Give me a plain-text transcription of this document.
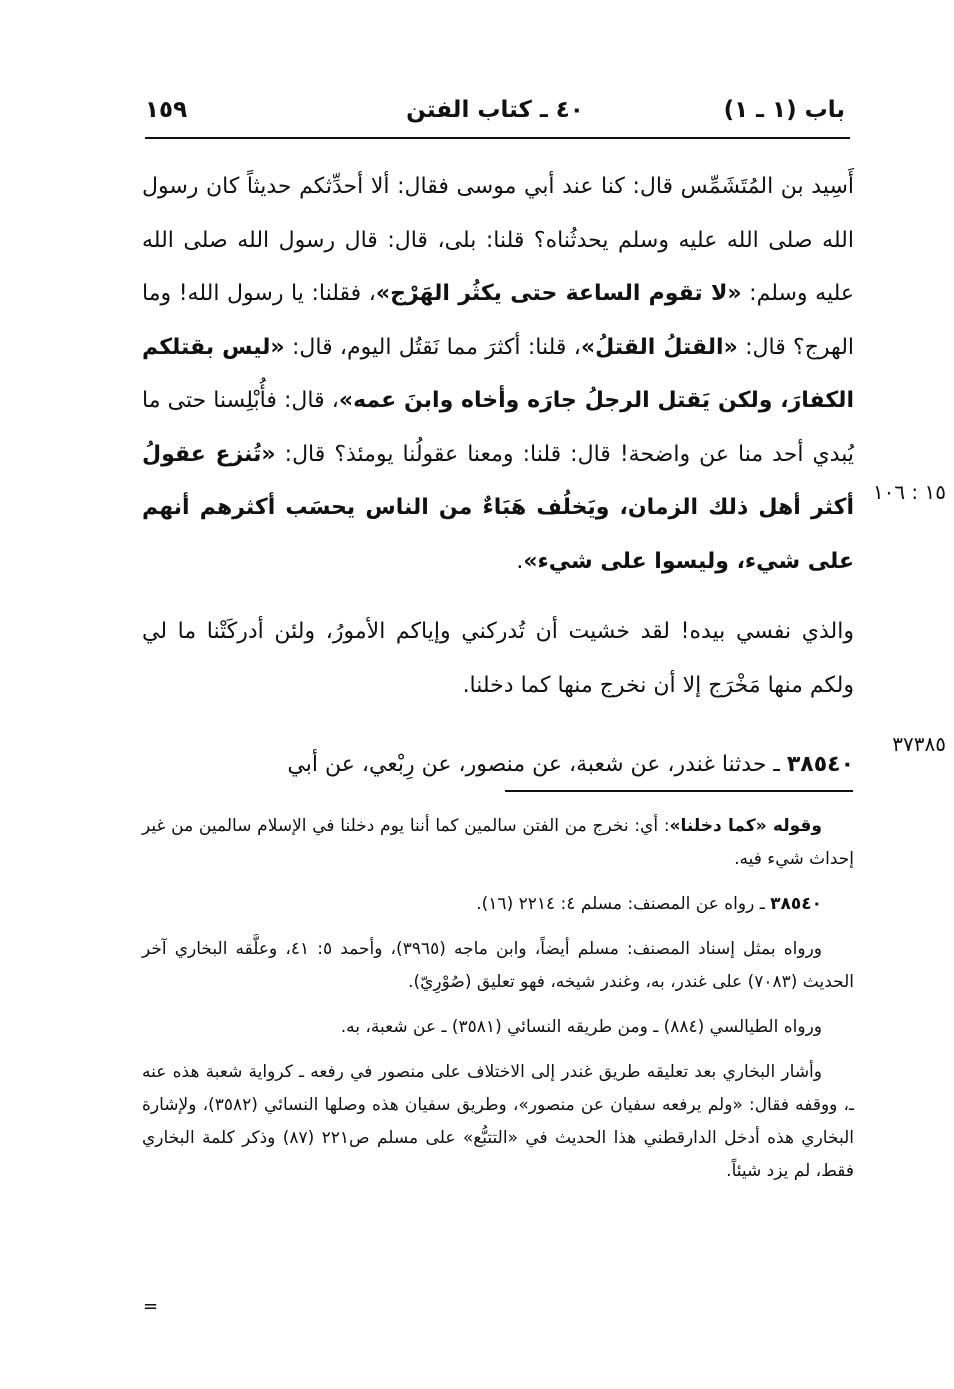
باب (١ ـ ١)
٤٠ ـ كتاب الفتن
١٥٩

أَسِيد بن المُتَشَمِّس قال: كنا عند أبي موسى فقال: ألا أحدِّثكم حديثاً كان رسول الله صلى الله عليه وسلم يحدثُناه؟ قلنا: بلى، قال: قال رسول الله صلى الله عليه وسلم: «لا تقوم الساعة حتى يكثُر الهَرْج»، فقلنا: يا رسول الله! وما الهرج؟ قال: «القتلُ القتلُ»، قلنا: أكثرَ مما نَقتُل اليوم، قال: «ليس بقتلكم الكفارَ، ولكن يَقتل الرجلُ جارَه وأخاه وابنَ عمه»، قال: فأُبْلِسنا حتى ما يُبدي أحد منا عن واضحة! قال: قلنا: ومعنا عقولُنا يومئذ؟ قال: «تُنزع عقولُ أكثر أهل ذلك الزمان، ويَخلُف هَبَاءٌ من الناس يحسَب أكثرهم أنهم على شيء، وليسوا على شيء».

والذي نفسي بيده! لقد خشيت أن تُدركني وإياكم الأمورُ، ولئن أدركَتْنا ما لي ولكم منها مَخْرَج إلا أن نخرج منها كما دخلنا.

٣٨٥٤٠ ـ حدثنا غندر، عن شعبة، عن منصور، عن رِبْعي، عن أبي

١٥ : ١٠٦
٣٧٣٨٥

وقوله «كما دخلنا»: أي: نخرج من الفتن سالمين كما أننا يوم دخلنا في الإسلام سالمين من غير إحداث شيء فيه.

٣٨٥٤٠ ـ رواه عن المصنف: مسلم ٤: ٢٢١٤ (١٦).

ورواه بمثل إسناد المصنف: مسلم أيضاً، وابن ماجه (٣٩٦٥)، وأحمد ٥: ٤١، وعلَّقه البخاري آخر الحديث (٧٠٨٣) على غندر، به، وغندر شيخه، فهو تعليق (صُوْرِيّ).

ورواه الطيالسي (٨٨٤) ـ ومن طريقه النسائي (٣٥٨١) ـ عن شعبة، به.

وأشار البخاري بعد تعليقه طريق غندر إلى الاختلاف على منصور في رفعه ـ كرواية شعبة هذه عنه ـ، ووقفه فقال: «ولم يرفعه سفيان عن منصور»، وطريق سفيان هذه وصلها النسائي (٣٥٨٢)، ولإشارة البخاري هذه أدخل الدارقطني هذا الحديث في «التتبُّع» على مسلم ص٢٢١ (٨٧) وذكر كلمة البخاري فقط، لم يزد شيئاً.

=
